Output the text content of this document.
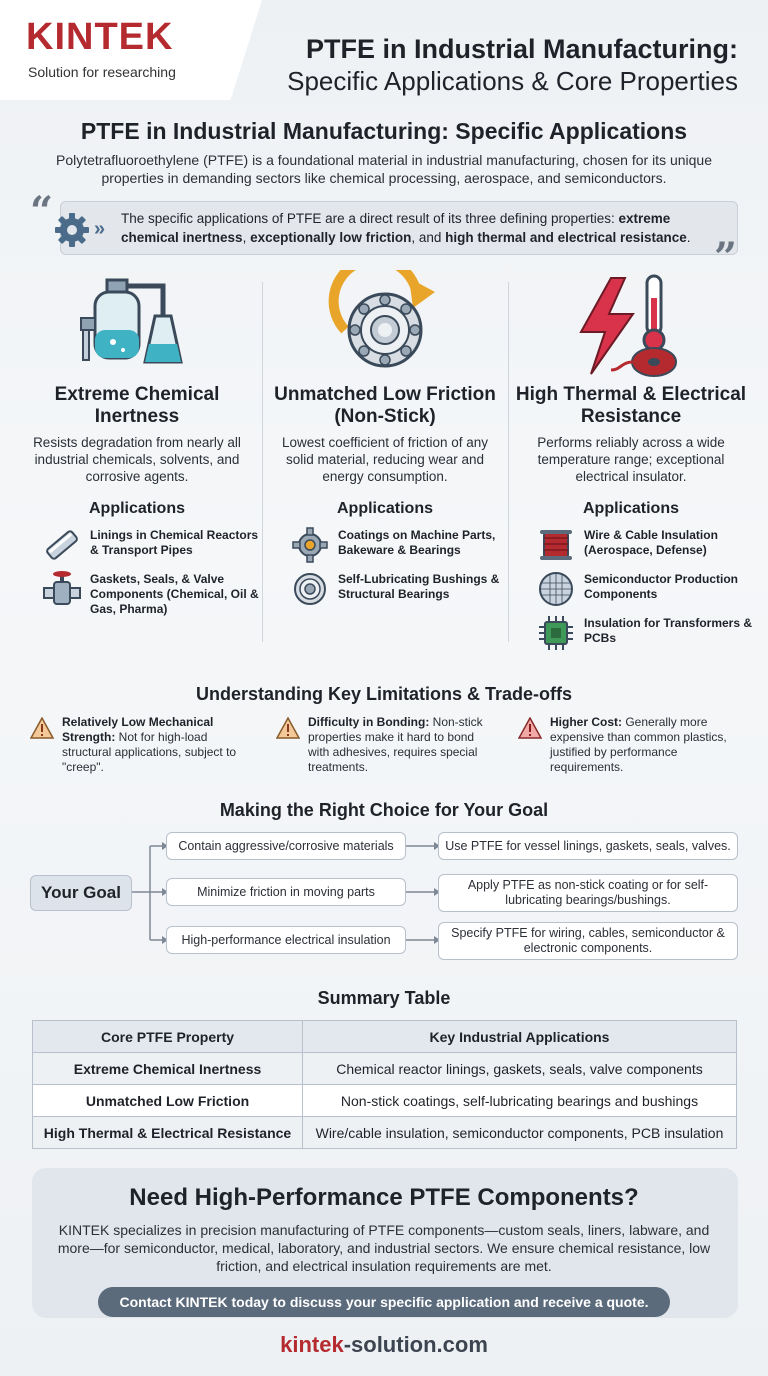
KINTEK
Solution for researching
PTFE in Industrial Manufacturing:
Specific Applications & Core Properties
PTFE in Industrial Manufacturing: Specific Applications
Polytetrafluoroethylene (PTFE) is a foundational material in industrial manufacturing, chosen for its unique properties in demanding sectors like chemical processing, aerospace, and semiconductors.
“
”
» The specific applications of PTFE are a direct result of its three defining properties: extreme chemical inertness, exceptionally low friction, and high thermal and electrical resistance.
Extreme Chemical Inertness
Resists degradation from nearly all industrial chemicals, solvents, and corrosive agents.
Applications
Linings in Chemical Reactors & Transport Pipes
Gaskets, Seals, & Valve Components (Chemical, Oil & Gas, Pharma)
Unmatched Low Friction (Non-Stick)
Lowest coefficient of friction of any solid material, reducing wear and energy consumption.
Applications
Coatings on Machine Parts, Bakeware & Bearings
Self-Lubricating Bushings & Structural Bearings
High Thermal & Electrical Resistance
Performs reliably across a wide temperature range; exceptional electrical insulator.
Applications
Wire & Cable Insulation (Aerospace, Defense)
Semiconductor Production Components
Insulation for Transformers & PCBs
Understanding Key Limitations & Trade-offs
Relatively Low Mechanical Strength: Not for high-load structural applications, subject to "creep".
Difficulty in Bonding: Non-stick properties make it hard to bond with adhesives, requires special treatments.
Higher Cost: Generally more expensive than common plastics, justified by performance requirements.
Making the Right Choice for Your Goal
Your Goal
Contain aggressive/corrosive materials
Minimize friction in moving parts
High-performance electrical insulation
Use PTFE for vessel linings, gaskets, seals, valves.
Apply PTFE as non-stick coating or for self-lubricating bearings/bushings.
Specify PTFE for wiring, cables, semiconductor & electronic components.
Summary Table
Core PTFE Property	Key Industrial Applications
Extreme Chemical Inertness	Chemical reactor linings, gaskets, seals, valve components
Unmatched Low Friction	Non-stick coatings, self-lubricating bearings and bushings
High Thermal & Electrical Resistance	Wire/cable insulation, semiconductor components, PCB insulation
Need High-Performance PTFE Components?
KINTEK specializes in precision manufacturing of PTFE components—custom seals, liners, labware, and more—for semiconductor, medical, laboratory, and industrial sectors. We ensure chemical resistance, low friction, and electrical insulation requirements are met.
Contact KINTEK today to discuss your specific application and receive a quote.
kintek-solution.com
